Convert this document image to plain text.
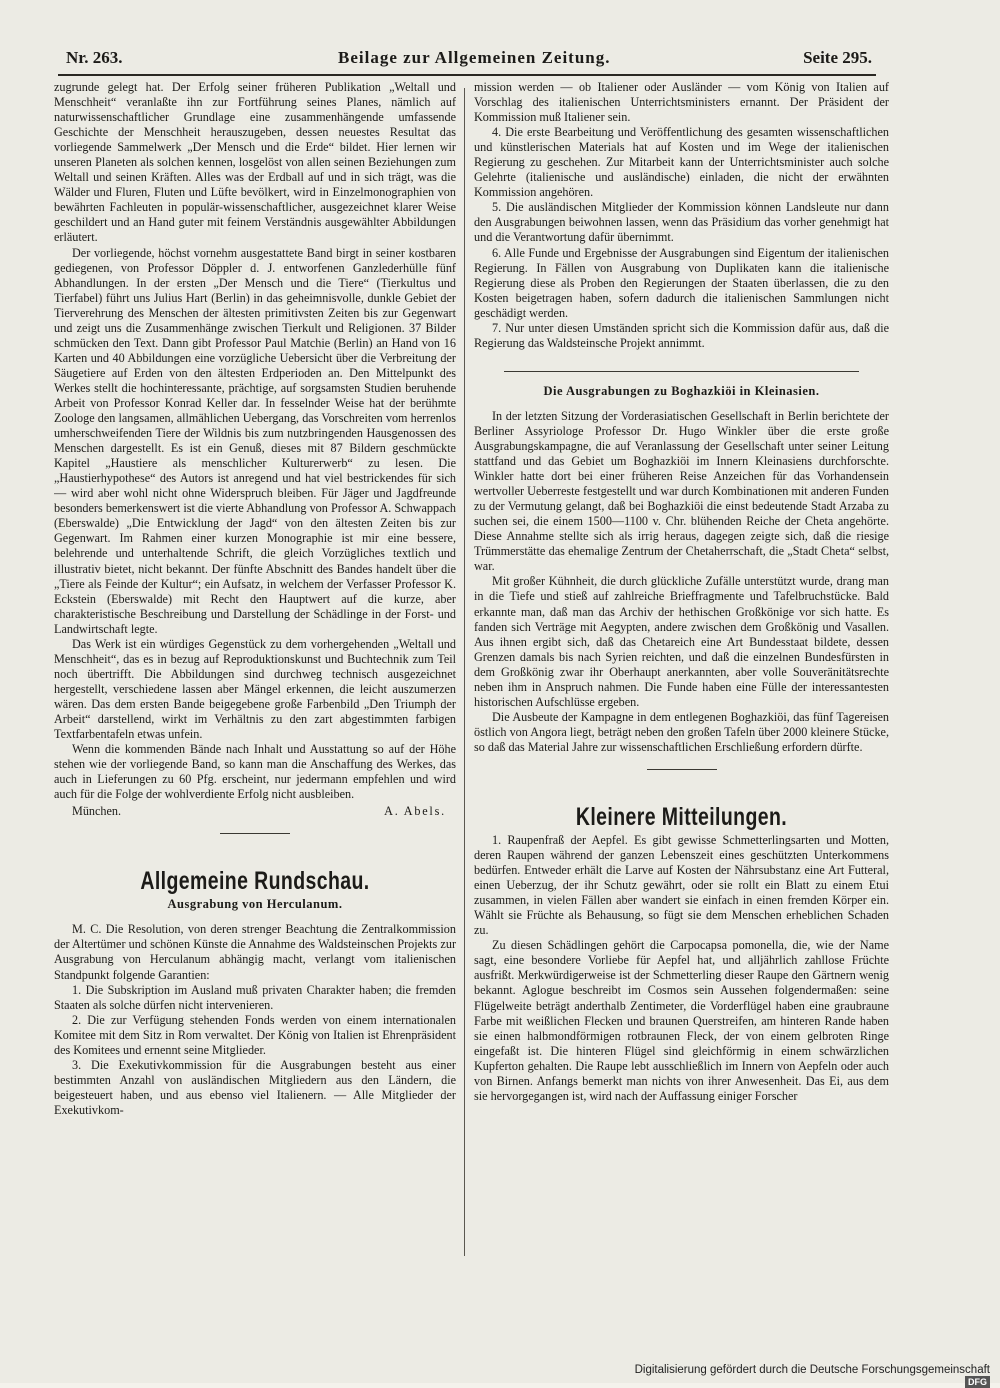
Nr. 263.	Beilage zur Allgemeinen Zeitung.	Seite 295.

zugrunde gelegt hat. Der Erfolg seiner früheren Publikation „Weltall und Menschheit“ veranlaßte ihn zur Fortführung seines Planes, nämlich auf naturwissenschaftlicher Grundlage eine zusammenhängende umfassende Geschichte der Menschheit herauszugeben, dessen neuestes Resultat das vorliegende Sammelwerk „Der Mensch und die Erde“ bildet. Hier lernen wir unseren Planeten als solchen kennen, losgelöst von allen seinen Beziehungen zum Weltall und seinen Kräften. Alles was der Erdball auf und in sich trägt, was die Wälder und Fluren, Fluten und Lüfte bevölkert, wird in Einzelmonographien von bewährten Fachleuten in populär-wissenschaftlicher, ausgezeichnet klarer Weise geschildert und an Hand guter mit feinem Verständnis ausgewählter Abbildungen erläutert.

Der vorliegende, höchst vornehm ausgestattete Band birgt in seiner kostbaren gediegenen, von Professor Döppler d. J. entworfenen Ganzlederhülle fünf Abhandlungen. In der ersten „Der Mensch und die Tiere“ (Tierkultus und Tierfabel) führt uns Julius Hart (Berlin) in das geheimnisvolle, dunkle Gebiet der Tierverehrung des Menschen der ältesten primitivsten Zeiten bis zur Gegenwart und zeigt uns die Zusammenhänge zwischen Tierkult und Religionen. 37 Bilder schmücken den Text. Dann gibt Professor Paul Matchie (Berlin) an Hand von 16 Karten und 40 Abbildungen eine vorzügliche Uebersicht über die Verbreitung der Säugetiere auf Erden von den ältesten Erdperioden an. Den Mittelpunkt des Werkes stellt die hochinteressante, prächtige, auf sorgsamsten Studien beruhende Arbeit von Professor Konrad Keller dar. In fesselnder Weise hat der berühmte Zoologe den langsamen, allmählichen Uebergang, das Vorschreiten vom herrenlos umherschweifenden Tiere der Wildnis bis zum nutzbringenden Hausgenossen des Menschen dargestellt. Es ist ein Genuß, dieses mit 87 Bildern geschmückte Kapitel „Haustiere als menschlicher Kulturerwerb“ zu lesen. Die „Haustierhypothese“ des Autors ist anregend und hat viel bestrickendes für sich — wird aber wohl nicht ohne Widerspruch bleiben. Für Jäger und Jagdfreunde besonders bemerkenswert ist die vierte Abhandlung von Professor A. Schwappach (Eberswalde) „Die Entwicklung der Jagd“ von den ältesten Zeiten bis zur Gegenwart. Im Rahmen einer kurzen Monographie ist mir eine bessere, belehrende und unterhaltende Schrift, die gleich Vorzügliches textlich und illustrativ bietet, nicht bekannt. Der fünfte Abschnitt des Bandes handelt über die „Tiere als Feinde der Kultur“; ein Aufsatz, in welchem der Verfasser Professor K. Eckstein (Eberswalde) mit Recht den Hauptwert auf die kurze, aber charakteristische Beschreibung und Darstellung der Schädlinge in der Forst- und Landwirtschaft legte.

Das Werk ist ein würdiges Gegenstück zu dem vorhergehenden „Weltall und Menschheit“, das es in bezug auf Reproduktionskunst und Buchtechnik zum Teil noch übertrifft. Die Abbildungen sind durchweg technisch ausgezeichnet hergestellt, verschiedene lassen aber Mängel erkennen, die leicht auszumerzen wären. Das dem ersten Bande beigegebene große Farbenbild „Den Triumph der Arbeit“ darstellend, wirkt im Verhältnis zu den zart abgestimmten farbigen Textfarbentafeln etwas unfein.

Wenn die kommenden Bände nach Inhalt und Ausstattung so auf der Höhe stehen wie der vorliegende Band, so kann man die Anschaffung des Werkes, das auch in Lieferungen zu 60 Pfg. erscheint, nur jedermann empfehlen und wird auch für die Folge der wohlverdiente Erfolg nicht ausbleiben.

München.	A. Abels.
Allgemeine Rundschau.
Ausgrabung von Herculanum.

M. C. Die Resolution, von deren strenger Beachtung die Zentralkommission der Altertümer und schönen Künste die Annahme des Waldsteinschen Projekts zur Ausgrabung von Herculanum abhängig macht, verlangt vom italienischen Standpunkt folgende Garantien:

1. Die Subskription im Ausland muß privaten Charakter haben; die fremden Staaten als solche dürfen nicht intervenieren.

2. Die zur Verfügung stehenden Fonds werden von einem internationalen Komitee mit dem Sitz in Rom verwaltet. Der König von Italien ist Ehrenpräsident des Komitees und ernennt seine Mitglieder.

3. Die Exekutivkommission für die Ausgrabungen besteht aus einer bestimmten Anzahl von ausländischen Mitgliedern aus den Ländern, die beigesteuert haben, und aus ebenso viel Italienern. — Alle Mitglieder der Exekutivkom-

mission werden — ob Italiener oder Ausländer — vom König von Italien auf Vorschlag des italienischen Unterrichtsministers ernannt. Der Präsident der Kommission muß Italiener sein.

4. Die erste Bearbeitung und Veröffentlichung des gesamten wissenschaftlichen und künstlerischen Materials hat auf Kosten und im Wege der italienischen Regierung zu geschehen. Zur Mitarbeit kann der Unterrichtsminister auch solche Gelehrte (italienische und ausländische) einladen, die nicht der erwähnten Kommission angehören.

5. Die ausländischen Mitglieder der Kommission können Landsleute nur dann den Ausgrabungen beiwohnen lassen, wenn das Präsidium das vorher genehmigt hat und die Verantwortung dafür übernimmt.

6. Alle Funde und Ergebnisse der Ausgrabungen sind Eigentum der italienischen Regierung. In Fällen von Ausgrabung von Duplikaten kann die italienische Regierung diese als Proben den Regierungen der Staaten überlassen, die zu den Kosten beigetragen haben, sofern dadurch die italienischen Sammlungen nicht geschädigt werden.

7. Nur unter diesen Umständen spricht sich die Kommission dafür aus, daß die Regierung das Waldsteinsche Projekt annimmt.

Die Ausgrabungen zu Boghazkiöi in Kleinasien.

In der letzten Sitzung der Vorderasiatischen Gesellschaft in Berlin berichtete der Berliner Assyriologe Professor Dr. Hugo Winkler über die erste große Ausgrabungskampagne, die auf Veranlassung der Gesellschaft unter seiner Leitung stattfand und das Gebiet um Boghazkiöi im Innern Kleinasiens durchforschte. Winkler hatte dort bei einer früheren Reise Anzeichen für das Vorhandensein wertvoller Ueberreste festgestellt und war durch Kombinationen mit anderen Funden zu der Vermutung gelangt, daß bei Boghazkiöi die einst bedeutende Stadt Arzaba zu suchen sei, die einem 1500—1100 v. Chr. blühenden Reiche der Cheta angehörte. Diese Annahme stellte sich als irrig heraus, dagegen zeigte sich, daß die riesige Trümmerstätte das ehemalige Zentrum der Chetaherrschaft, die „Stadt Cheta“ selbst, war.

Mit großer Kühnheit, die durch glückliche Zufälle unterstützt wurde, drang man in die Tiefe und stieß auf zahlreiche Brieffragmente und Tafelbruchstücke. Bald erkannte man, daß man das Archiv der hethischen Großkönige vor sich hatte. Es fanden sich Verträge mit Aegypten, andere zwischen dem Großkönig und Vasallen. Aus ihnen ergibt sich, daß das Chetareich eine Art Bundesstaat bildete, dessen Grenzen damals bis nach Syrien reichten, und daß die einzelnen Bundesfürsten in dem Großkönig zwar ihr Oberhaupt anerkannten, aber volle Souveränitätsrechte neben ihm in Anspruch nahmen. Die Funde haben eine Fülle der interessantesten historischen Aufschlüsse ergeben.

Die Ausbeute der Kampagne in dem entlegenen Boghazkiöi, das fünf Tagereisen östlich von Angora liegt, beträgt neben den großen Tafeln über 2000 kleinere Stücke, so daß das Material Jahre zur wissenschaftlichen Erschließung erfordern dürfte.

Kleinere Mitteilungen.

1. Raupenfraß der Aepfel. Es gibt gewisse Schmetterlingsarten und Motten, deren Raupen während der ganzen Lebenszeit eines geschützten Unterkommens bedürfen. Entweder erhält die Larve auf Kosten der Nährsubstanz eine Art Futteral, einen Ueberzug, der ihr Schutz gewährt, oder sie rollt ein Blatt zu einem Etui zusammen, in vielen Fällen aber wandert sie einfach in einen fremden Körper ein. Wählt sie Früchte als Behausung, so fügt sie dem Menschen erheblichen Schaden zu.

Zu diesen Schädlingen gehört die Carpocapsa pomonella, die, wie der Name sagt, eine besondere Vorliebe für Aepfel hat, und alljährlich zahllose Früchte ausfrißt. Merkwürdigerweise ist der Schmetterling dieser Raupe den Gärtnern wenig bekannt. Aglogue beschreibt im Cosmos sein Aussehen folgendermaßen: seine Flügelweite beträgt anderthalb Zentimeter, die Vorderflügel haben eine graubraune Farbe mit weißlichen Flecken und braunen Querstreifen, am hinteren Rande haben sie einen halbmondförmigen rotbraunen Fleck, der von einem gelbroten Ringe eingefaßt ist. Die hinteren Flügel sind gleichförmig in einem schwärzlichen Kupferton gehalten. Die Raupe lebt ausschließlich im Innern von Aepfeln oder auch von Birnen. Anfangs bemerkt man nichts von ihrer Anwesenheit. Das Ei, aus dem sie hervorgegangen ist, wird nach der Auffassung einiger Forscher

Digitalisierung gefördert durch die Deutsche Forschungsgemeinschaft DFG
